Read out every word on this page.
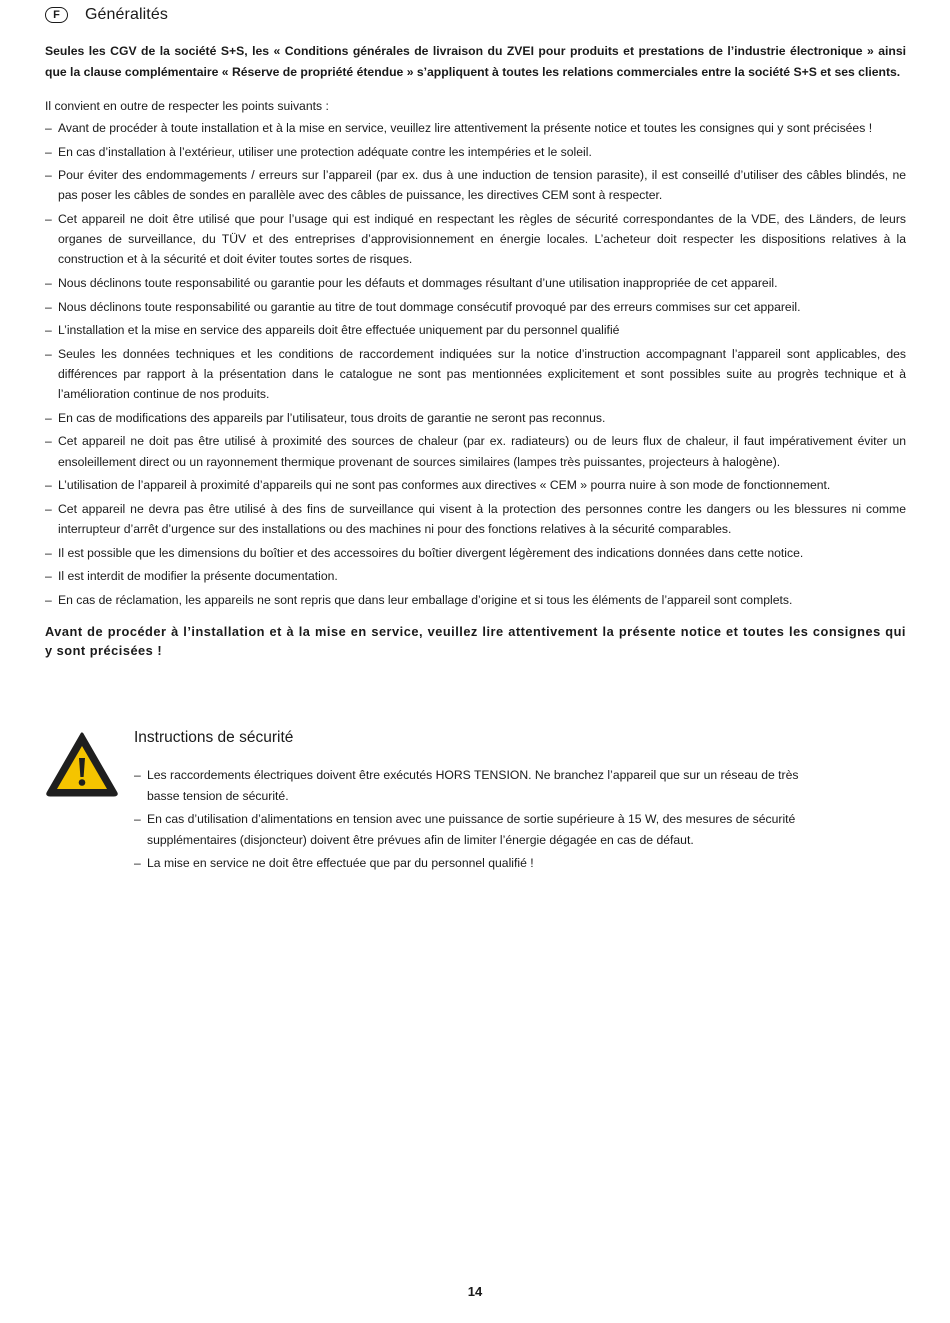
F	Généralités
Seules les CGV de la société S+S, les « Conditions générales de livraison du ZVEI pour produits et prestations de l’industrie électronique » ainsi que la clause complémentaire « Réserve de propriété étendue » s’appliquent à toutes les relations commerciales entre la société S+S et ses clients.
Il convient en outre de respecter les points suivants :
– Avant de procéder à toute installation et à la mise en service, veuillez lire attentivement la présente notice et toutes les consignes qui y sont précisées !
– En cas d’installation à l’extérieur, utiliser une protection adéquate contre les intempéries et le soleil.
– Pour éviter des endommagements / erreurs sur l’appareil (par ex. dus à une induction de tension parasite), il est conseillé d’utiliser des câbles blindés, ne pas poser les câbles de sondes en parallèle avec des câbles de puissance, les directives CEM sont à respecter.
– Cet appareil ne doit être utilisé que pour l’usage qui est indiqué en respectant les règles de sécurité correspondantes de la VDE, des Länders, de leurs organes de surveillance, du TÜV et des entreprises d’approvisionnement en énergie locales. L’acheteur doit respecter les dispositions relatives à la construction et à la sécurité et doit éviter toutes sortes de risques.
– Nous déclinons toute responsabilité ou garantie pour les défauts et dommages résultant d’une utilisation inappropriée de cet appareil.
– Nous déclinons toute responsabilité ou garantie au titre de tout dommage consécutif provoqué par des erreurs commises sur cet appareil.
– L’installation et la mise en service des appareils doit être effectuée uniquement par du personnel qualifié
– Seules les données techniques et les conditions de raccordement indiquées sur la notice d’instruction accompagnant l’appareil sont applicables, des différences par rapport à la présentation dans le catalogue ne sont pas mentionnées explicitement et sont possibles suite au progrès technique et à l’amélioration continue de nos produits.
– En cas de modifications des appareils par l’utilisateur, tous droits de garantie ne seront pas reconnus.
– Cet appareil ne doit pas être utilisé à proximité des sources de chaleur (par ex. radiateurs) ou de leurs flux de chaleur, il faut impérativement éviter un ensoleillement direct ou un rayonnement thermique provenant de sources similaires (lampes très puissantes, projecteurs à halogène).
– L’utilisation de l’appareil à proximité d’appareils qui ne sont pas conformes aux directives « CEM » pourra nuire à son mode de fonctionnement.
– Cet appareil ne devra pas être utilisé à des fins de surveillance qui visent à la protection des personnes contre les dangers ou les blessures ni comme interrupteur d’arrêt d’urgence sur des installations ou des machines ni pour des fonctions relatives à la sécurité comparables.
– Il est possible que les dimensions du boîtier et des accessoires du boîtier divergent légèrement des indications données dans cette notice.
– Il est interdit de modifier la présente documentation.
– En cas de réclamation, les appareils ne sont repris que dans leur emballage d’origine et si tous les éléments de l’appareil sont complets.
Avant de procéder à l’installation et à la mise en service, veuillez lire attentivement la présente notice et toutes les consignes qui y sont précisées !
Instructions de sécurité
– Les raccordements électriques doivent être exécutés HORS TENSION. Ne branchez l’appareil que sur un réseau de très basse tension de sécurité.
– En cas d’utilisation d’alimentations en tension avec une puissance de sortie supérieure à 15 W, des mesures de sécurité supplémentaires (disjoncteur) doivent être prévues afin de limiter l’énergie dégagée en cas de défaut.
– La mise en service ne doit être effectuée que par du personnel qualifié !
14
